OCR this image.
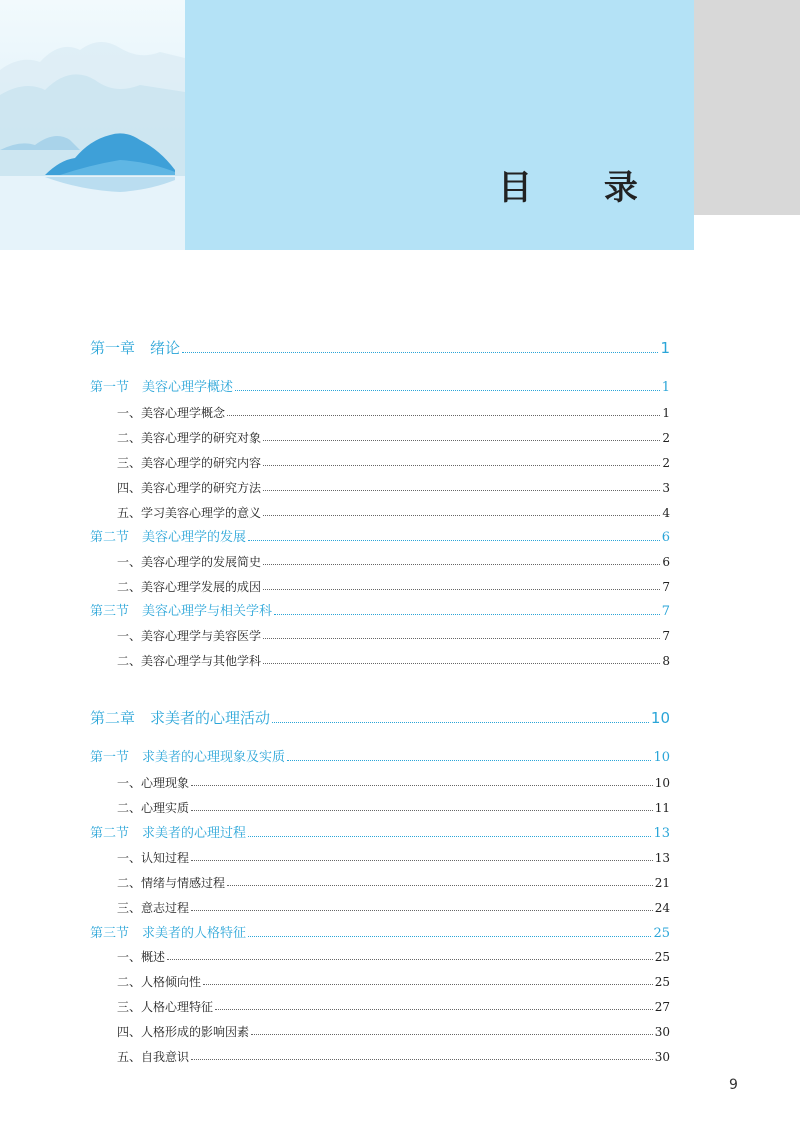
目 录
第一章　绪论	1
第一节　美容心理学概述	1
一、美容心理学概念	1
二、美容心理学的研究对象	2
三、美容心理学的研究内容	2
四、美容心理学的研究方法	3
五、学习美容心理学的意义	4
第二节　美容心理学的发展	6
一、美容心理学的发展简史	6
二、美容心理学发展的成因	7
第三节　美容心理学与相关学科	7
一、美容心理学与美容医学	7
二、美容心理学与其他学科	8
第二章　求美者的心理活动	10
第一节　求美者的心理现象及实质	10
一、心理现象	10
二、心理实质	11
第二节　求美者的心理过程	13
一、认知过程	13
二、情绪与情感过程	21
三、意志过程	24
第三节　求美者的人格特征	25
一、概述	25
二、人格倾向性	25
三、人格心理特征	27
四、人格形成的影响因素	30
五、自我意识	30
9
